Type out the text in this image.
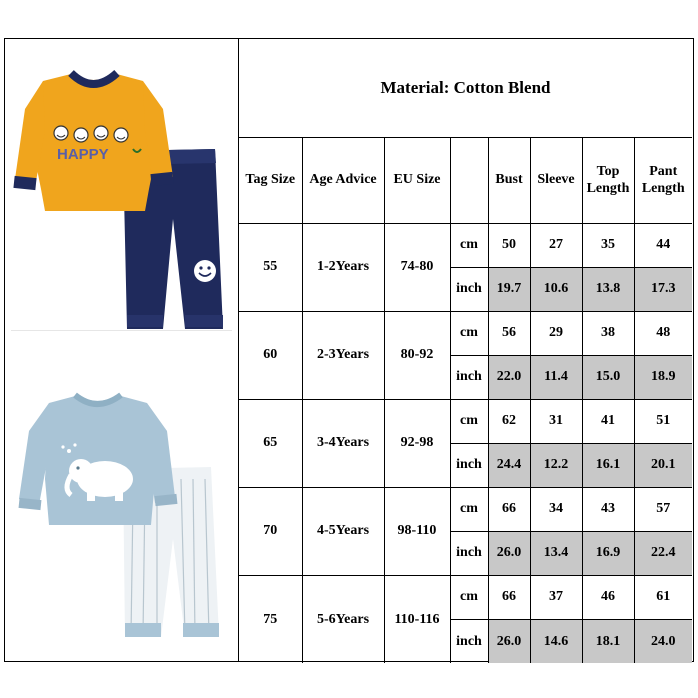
HAPPY
Material: Cotton Blend							
Tag Size	Age Advice	EU Size		Bust	Sleeve	Top Length	Pant Length
55	1-2Years	74-80	cm	50	27	35	44
			inch	19.7	10.6	13.8	17.3
60	2-3Years	80-92	cm	56	29	38	48
			inch	22.0	11.4	15.0	18.9
65	3-4Years	92-98	cm	62	31	41	51
			inch	24.4	12.2	16.1	20.1
70	4-5Years	98-110	cm	66	34	43	57
			inch	26.0	13.4	16.9	22.4
75	5-6Years	110-116	cm	66	37	46	61
			inch	26.0	14.6	18.1	24.0
